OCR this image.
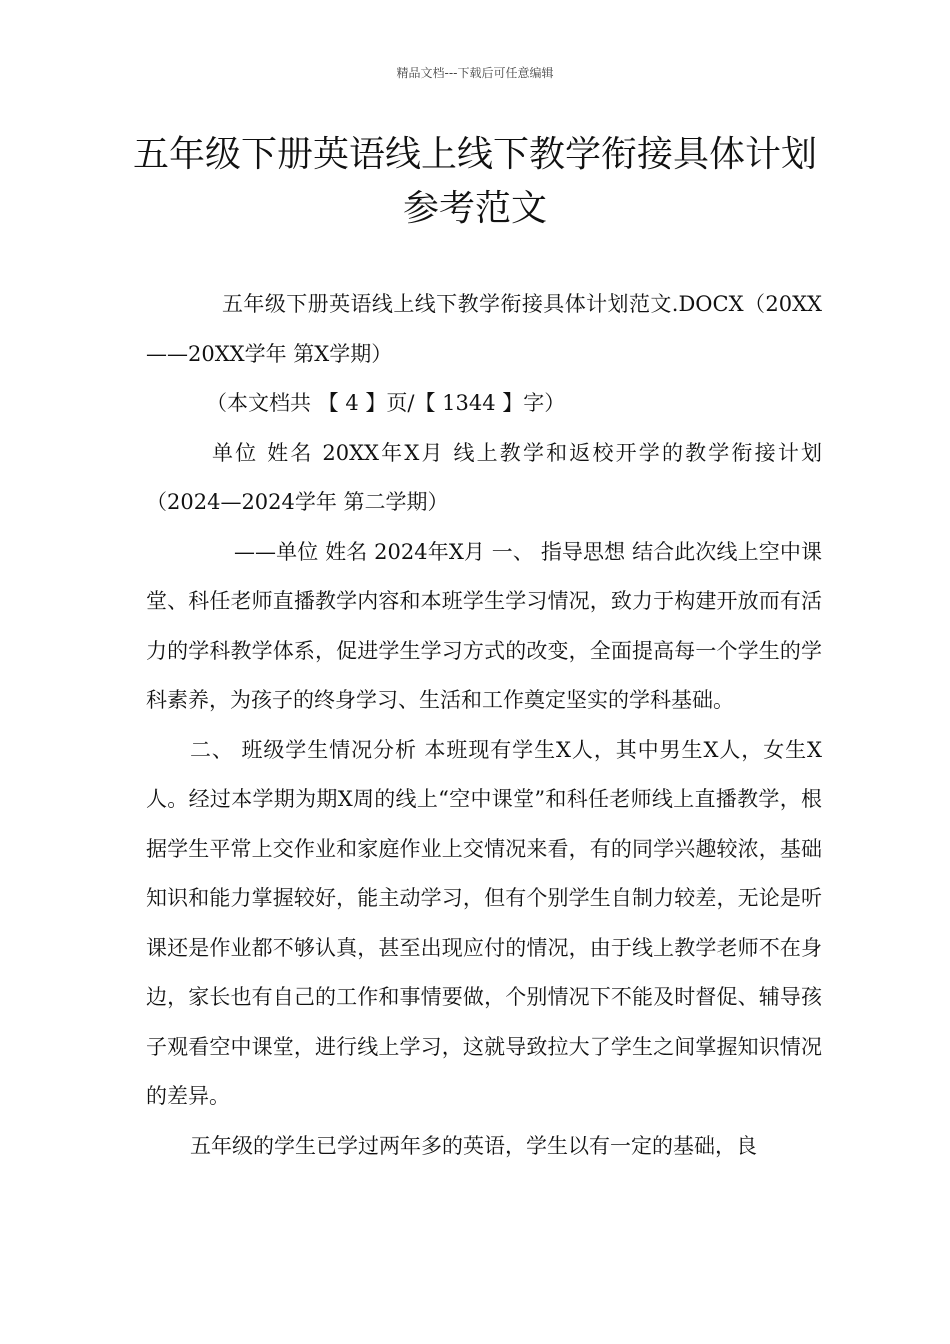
精品文档---下载后可任意编辑
五年级下册英语线上线下教学衔接具体计划参考范文

五年级下册英语线上线下教学衔接具体计划范文.DOCX（20XX——20XX学年 第X学期）

（本文档共 【 4 】页/【 1344 】字）

单位 姓名 20XX年X月 线上教学和返校开学的教学衔接计划 （2024—2024学年 第二学期）

——单位 姓名 2024年X月 一、 指导思想 结合此次线上空中课堂、科任老师直播教学内容和本班学生学习情况，致力于构建开放而有活力的学科教学体系，促进学生学习方式的改变，全面提高每一个学生的学科素养，为孩子的终身学习、生活和工作奠定坚实的学科基础。

二、 班级学生情况分析 本班现有学生X人，其中男生X人，女生X人。经过本学期为期X周的线上“空中课堂”和科任老师线上直播教学，根据学生平常上交作业和家庭作业上交情况来看，有的同学兴趣较浓，基础知识和能力掌握较好，能主动学习，但有个别学生自制力较差，无论是听课还是作业都不够认真，甚至出现应付的情况，由于线上教学老师不在身边，家长也有自己的工作和事情要做，个别情况下不能及时督促、辅导孩子观看空中课堂，进行线上学习，这就导致拉大了学生之间掌握知识情况的差异。

五年级的学生已学过两年多的英语，学生以有一定的基础，良
